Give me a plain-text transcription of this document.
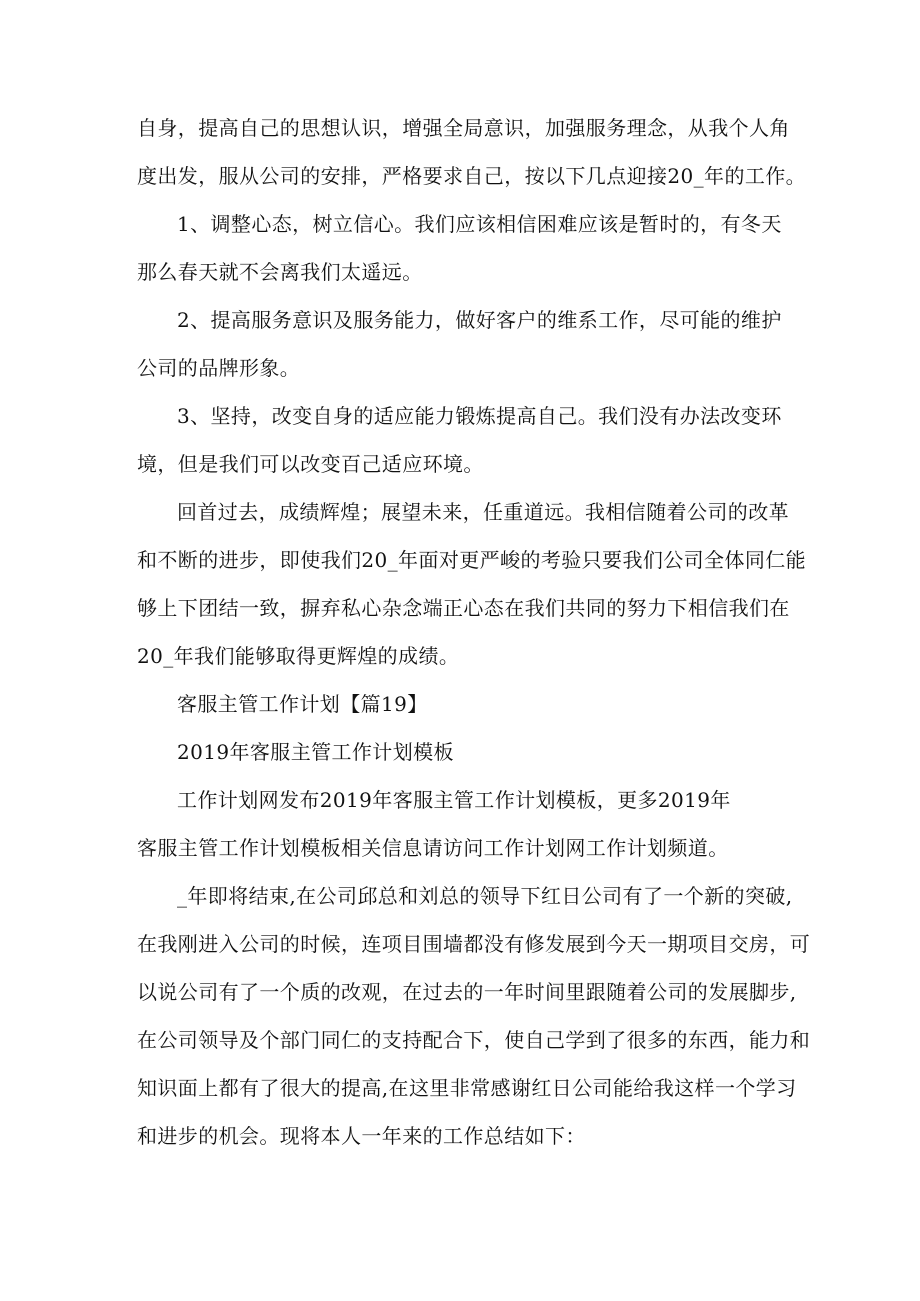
自身，提高自己的思想认识，增强全局意识，加强服务理念，从我个人角
度出发，服从公司的安排，严格要求自己，按以下几点迎接20_年的工作。
1、调整心态，树立信心。我们应该相信困难应该是暂时的，有冬天
那么春天就不会离我们太遥远。
2、提高服务意识及服务能力，做好客户的维系工作，尽可能的维护
公司的品牌形象。
3、坚持，改变自身的适应能力锻炼提高自己。我们没有办法改变环
境，但是我们可以改变百己适应环境。
回首过去，成绩辉煌；展望未来，任重道远。我相信随着公司的改革
和不断的进步，即使我们20_年面对更严峻的考验只要我们公司全体同仁能
够上下团结一致，摒弃私心杂念端正心态在我们共同的努力下相信我们在
20_年我们能够取得更辉煌的成绩。
客服主管工作计划【篇19】
2019年客服主管工作计划模板
工作计划网发布2019年客服主管工作计划模板，更多2019年
客服主管工作计划模板相关信息请访问工作计划网工作计划频道。
_年即将结束,在公司邱总和刘总的领导下红日公司有了一个新的突破,
在我刚进入公司的时候，连项目围墙都没有修发展到今天一期项目交房，可
以说公司有了一个质的改观，在过去的一年时间里跟随着公司的发展脚步,
在公司领导及个部门同仁的支持配合下，使自己学到了很多的东西，能力和
知识面上都有了很大的提高,在这里非常感谢红日公司能给我这样一个学习
和进步的机会。现将本人一年来的工作总结如下：
